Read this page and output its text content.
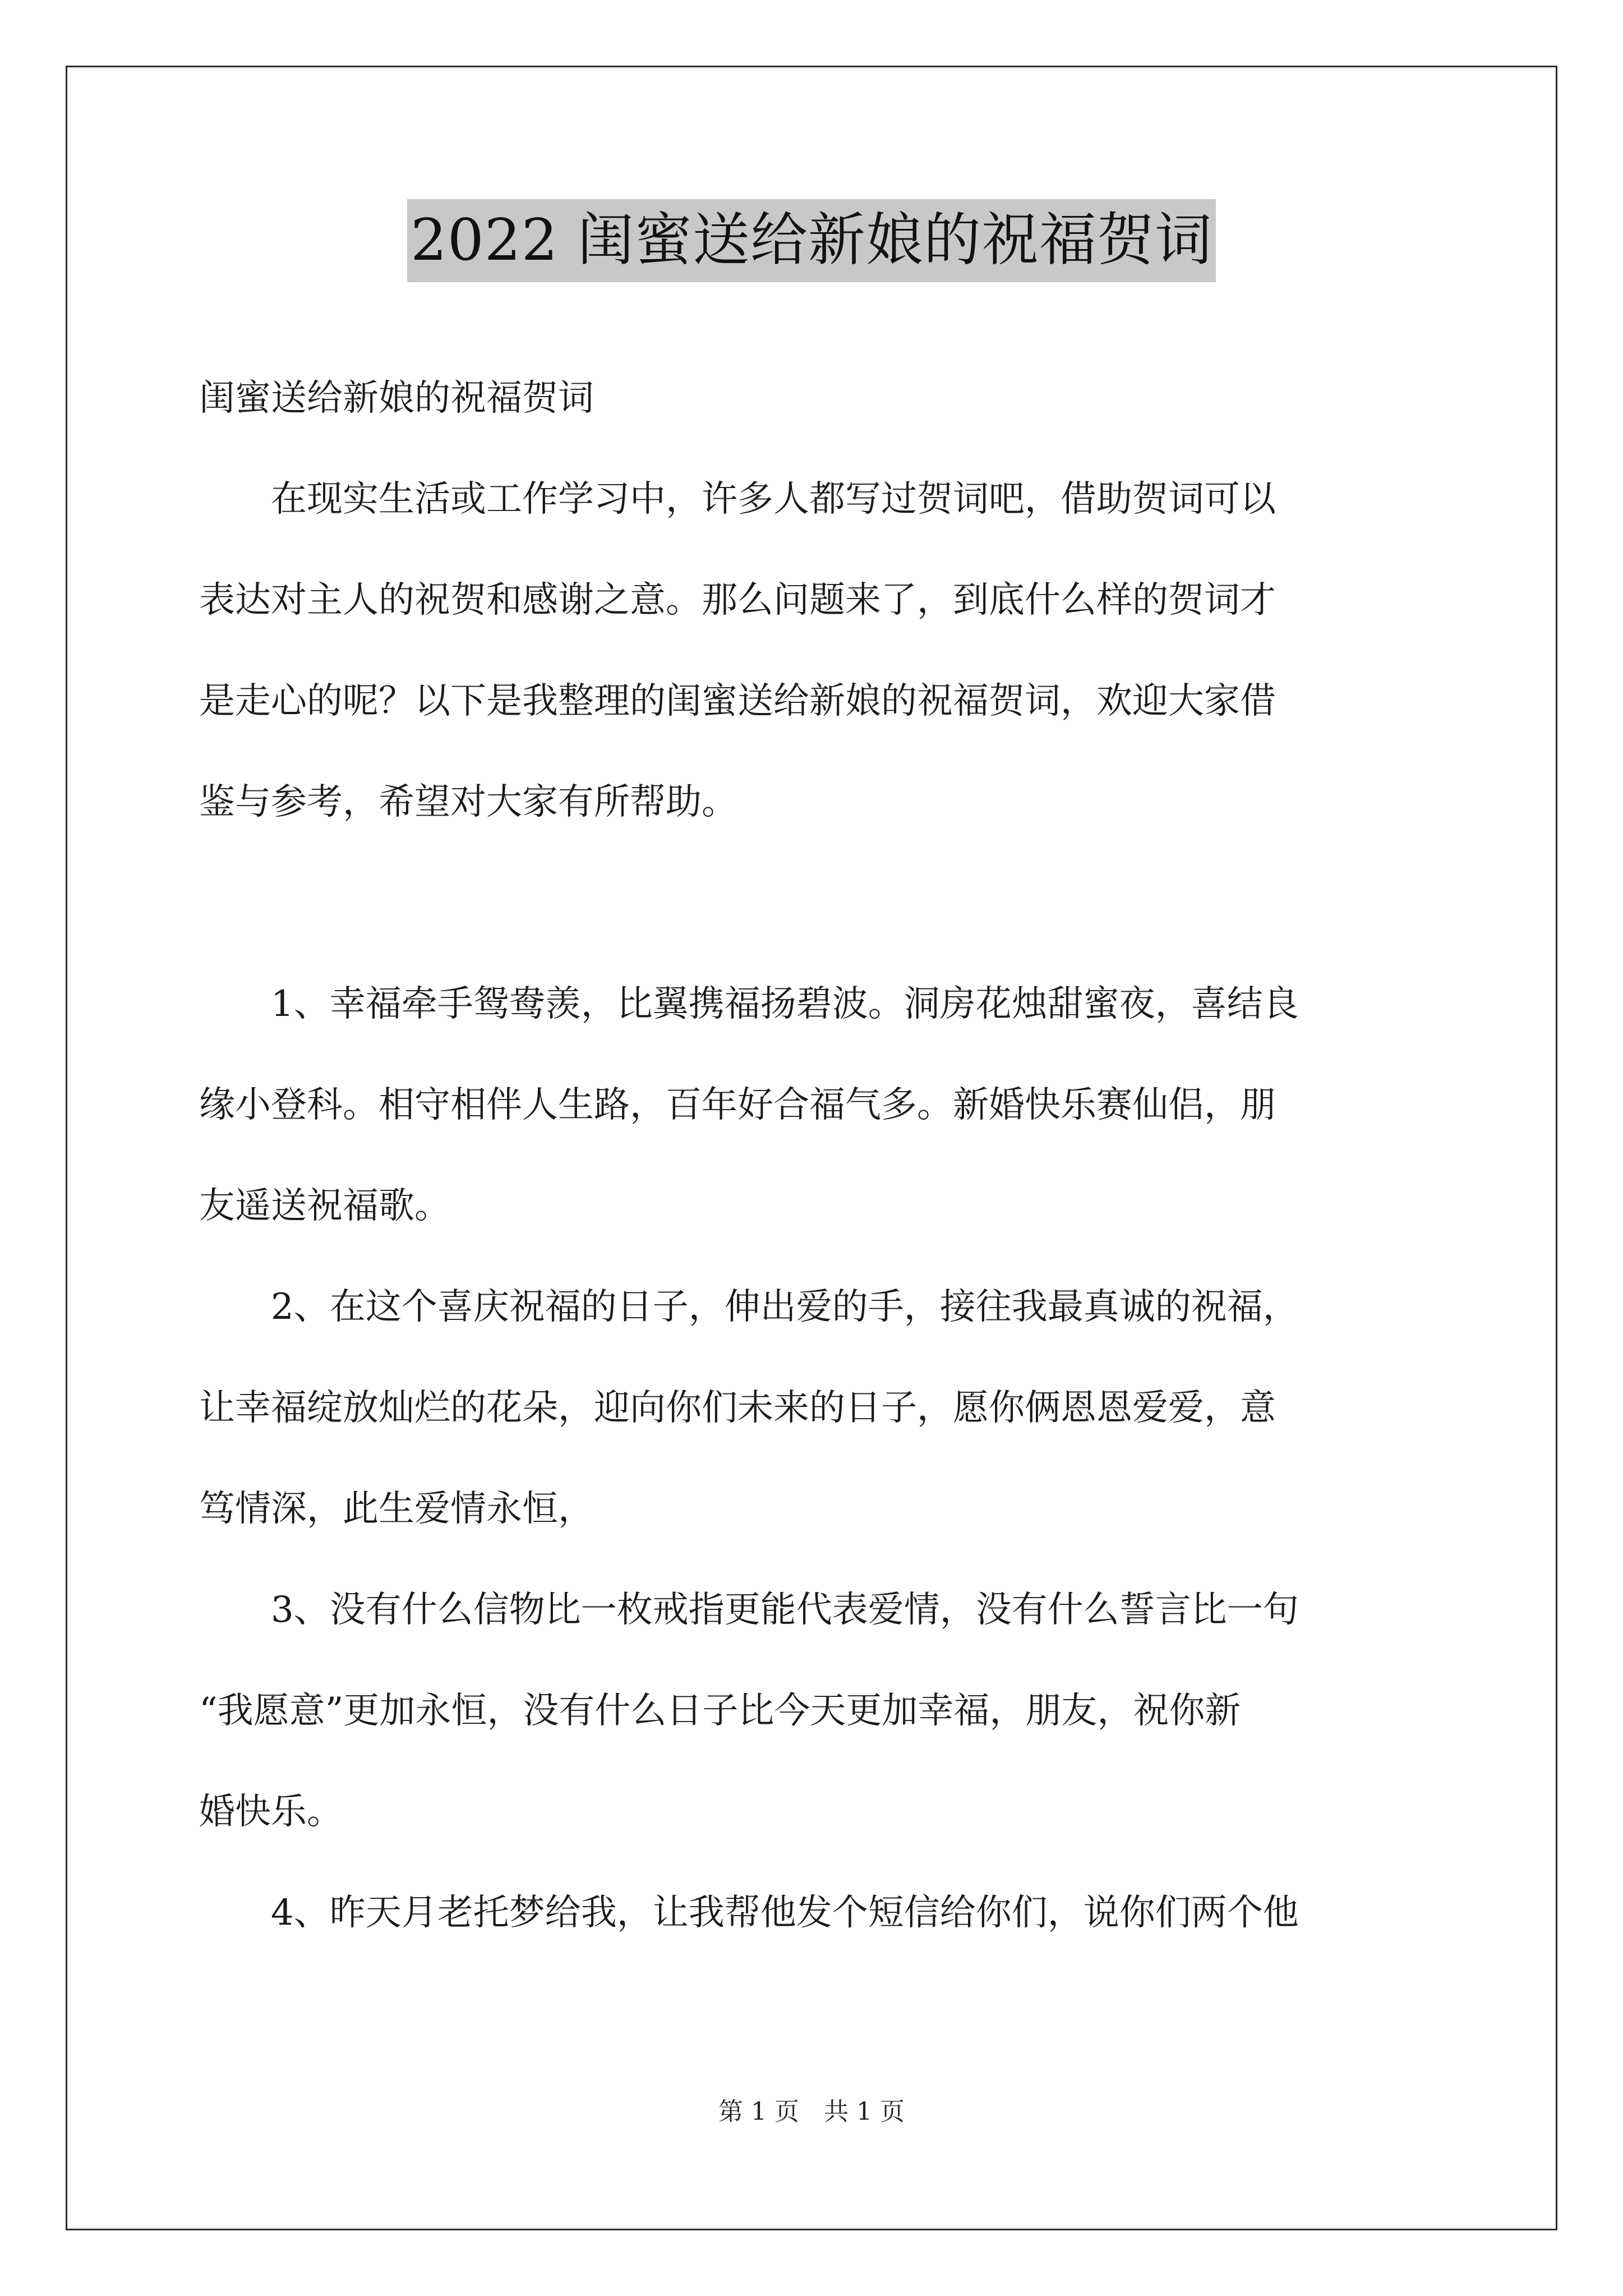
2022 闺蜜送给新娘的祝福贺词
闺蜜送给新娘的祝福贺词
在现实生活或工作学习中，许多人都写过贺词吧，借助贺词可以
表达对主人的祝贺和感谢之意。那么问题来了，到底什么样的贺词才
是走心的呢？以下是我整理的闺蜜送给新娘的祝福贺词，欢迎大家借
鉴与参考，希望对大家有所帮助。
1、幸福牵手鸳鸯羡，比翼携福扬碧波。洞房花烛甜蜜夜，喜结良
缘小登科。相守相伴人生路，百年好合福气多。新婚快乐赛仙侣，朋
友遥送祝福歌。
2、在这个喜庆祝福的日子，伸出爱的手，接往我最真诚的祝福，
让幸福绽放灿烂的花朵，迎向你们未来的日子，愿你俩恩恩爱爱，意
笃情深，此生爱情永恒，
3、没有什么信物比一枚戒指更能代表爱情，没有什么誓言比一句
“我愿意”更加永恒，没有什么日子比今天更加幸福，朋友，祝你新
婚快乐。
4、昨天月老托梦给我，让我帮他发个短信给你们，说你们两个他
第 1 页　共 1 页
